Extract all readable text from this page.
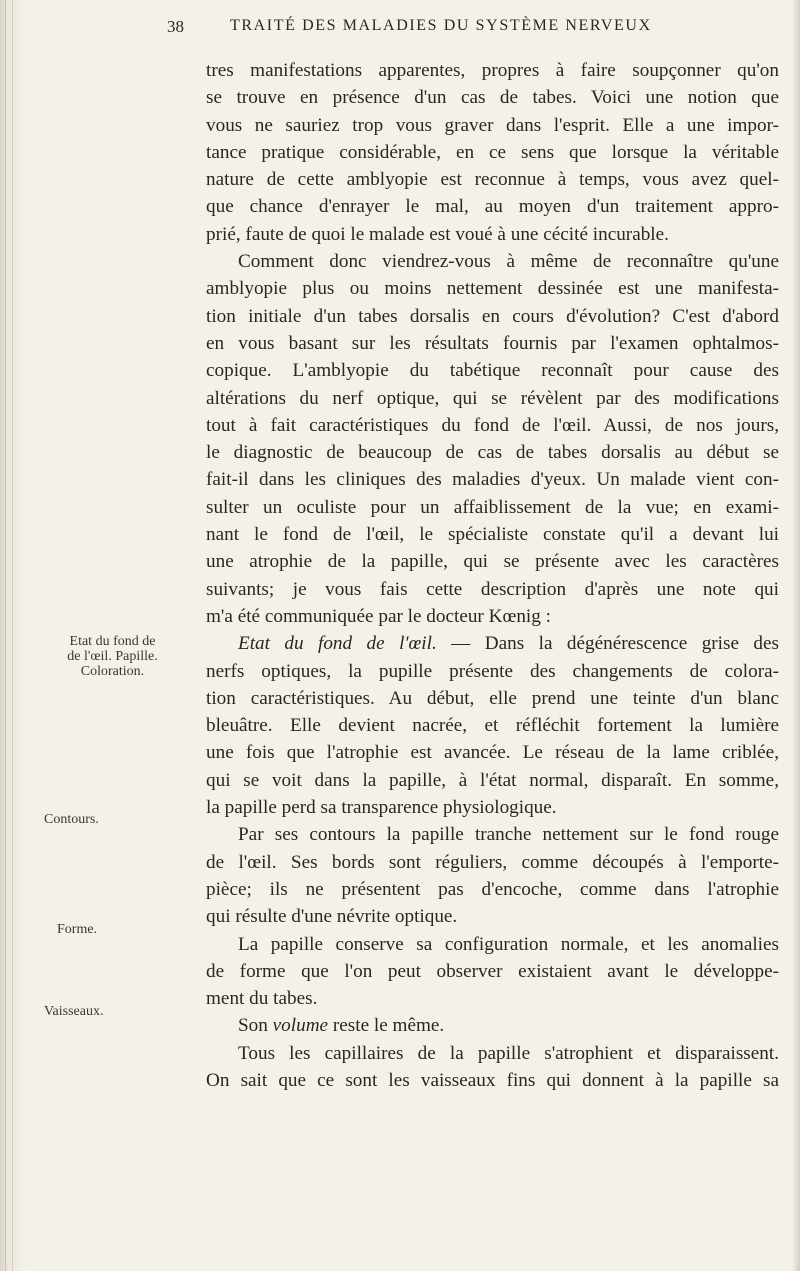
38	TRAITÉ DES MALADIES DU SYSTÈME NERVEUX
Etat du fond de
de l'œil. Papille.
Coloration.
Contours.
Forme.
Vaisseaux.
tres manifestations apparentes, propres à faire soupçonner qu'on
se trouve en présence d'un cas de tabes. Voici une notion que
vous ne sauriez trop vous graver dans l'esprit. Elle a une impor-
tance pratique considérable, en ce sens que lorsque la véritable
nature de cette amblyopie est reconnue à temps, vous avez quel-
que chance d'enrayer le mal, au moyen d'un traitement appro-
prié, faute de quoi le malade est voué à une cécité incurable.
Comment donc viendrez-vous à même de reconnaître qu'une
amblyopie plus ou moins nettement dessinée est une manifesta-
tion initiale d'un tabes dorsalis en cours d'évolution? C'est d'abord
en vous basant sur les résultats fournis par l'examen ophtalmos-
copique. L'amblyopie du tabétique reconnaît pour cause des
altérations du nerf optique, qui se révèlent par des modifications
tout à fait caractéristiques du fond de l'œil. Aussi, de nos jours,
le diagnostic de beaucoup de cas de tabes dorsalis au début se
fait-il dans les cliniques des maladies d'yeux. Un malade vient con-
sulter un oculiste pour un affaiblissement de la vue; en exami-
nant le fond de l'œil, le spécialiste constate qu'il a devant lui
une atrophie de la papille, qui se présente avec les caractères
suivants; je vous fais cette description d'après une note qui
m'a été communiquée par le docteur Kœnig :
Etat du fond de l'œil. — Dans la dégénérescence grise des
nerfs optiques, la pupille présente des changements de colora-
tion caractéristiques. Au début, elle prend une teinte d'un blanc
bleuâtre. Elle devient nacrée, et réfléchit fortement la lumière
une fois que l'atrophie est avancée. Le réseau de la lame criblée,
qui se voit dans la papille, à l'état normal, disparaît. En somme,
la papille perd sa transparence physiologique.
Par ses contours la papille tranche nettement sur le fond rouge
de l'œil. Ses bords sont réguliers, comme découpés à l'emporte-
pièce; ils ne présentent pas d'encoche, comme dans l'atrophie
qui résulte d'une névrite optique.
La papille conserve sa configuration normale, et les anomalies
de forme que l'on peut observer existaient avant le développe-
ment du tabes.
Son volume reste le même.
Tous les capillaires de la papille s'atrophient et disparaissent.
On sait que ce sont les vaisseaux fins qui donnent à la papille sa
